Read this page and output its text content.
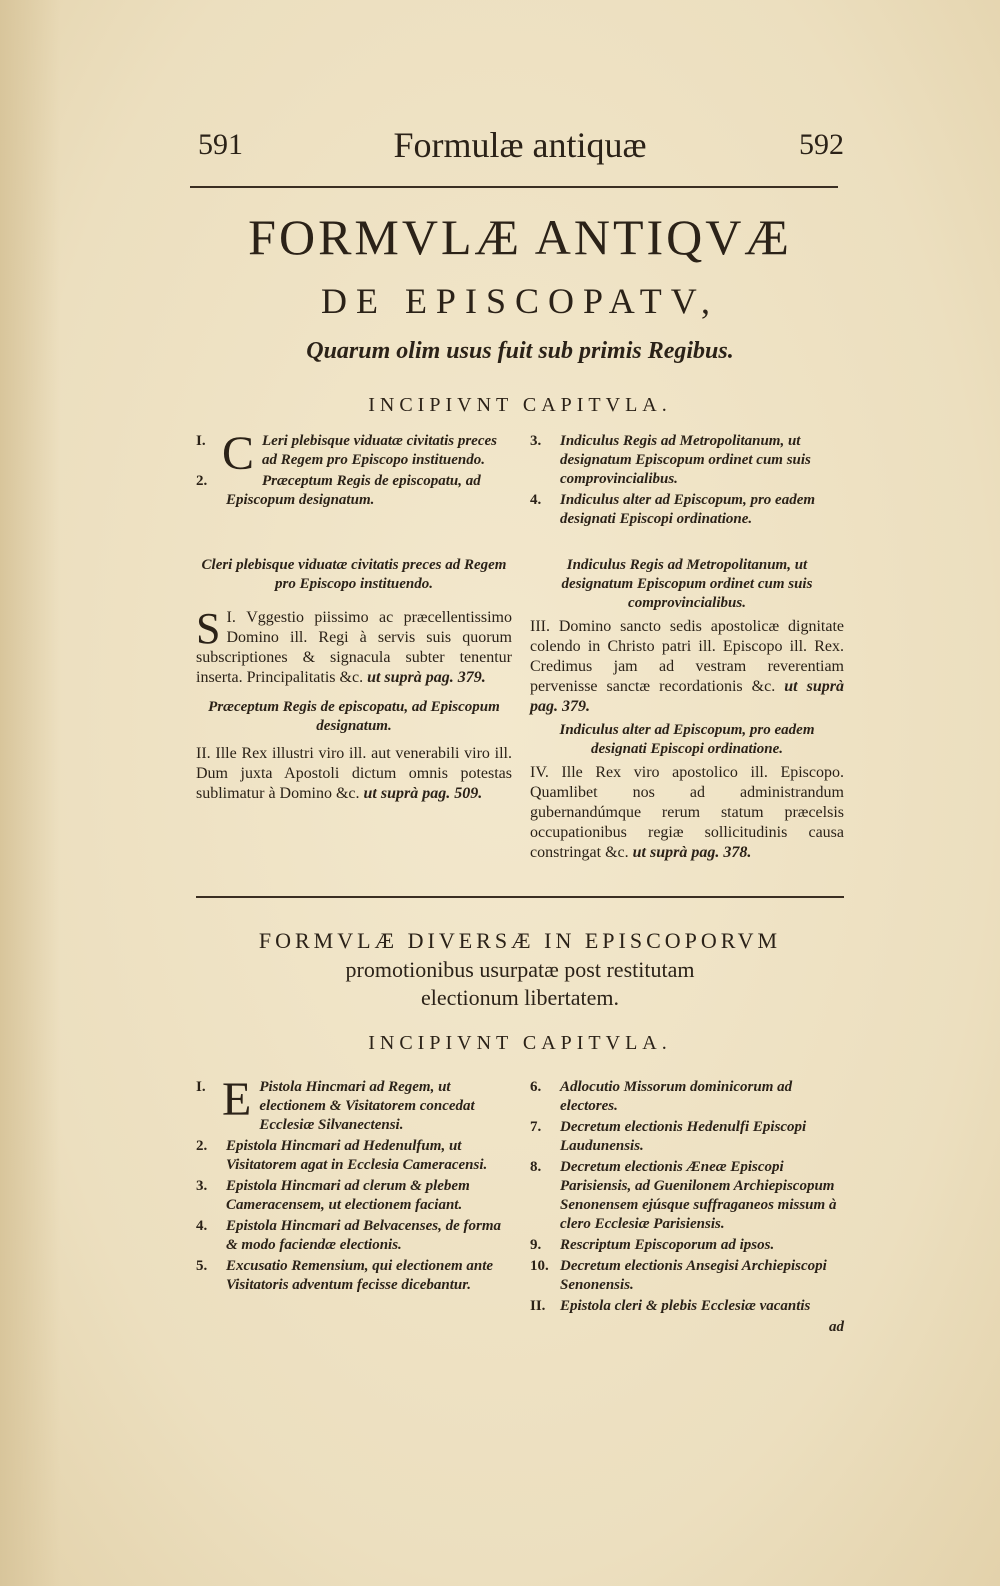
591	Formulæ antiquæ	592
FORMVLÆ ANTIQVÆ
DE EPISCOPATV,
Quarum olim usus fuit sub primis Regibus.
INCIPIVNT CAPITVLA.
I. C Leri plebisque viduatæ civitatis preces ad Regem pro Episcopo instituendo.
2.	Præceptum Regis de episcopatu, ad Episcopum designatum.
3. Indiculus Regis ad Metropolitanum, ut designatum Episcopum ordinet cum suis comprovincialibus.
4. Indiculus alter ad Episcopum, pro eadem designati Episcopi ordinatione.
Cleri plebisque viduatæ civitatis preces ad Regem pro Episcopo instituendo.
I.
S Vggestio piissimo ac præcellentissimo Domino ill. Regi à servis suis quorum subscriptiones & signacula subter tenentur inserta. Principalitatis &c. ut suprà pag. 379.
Præceptum Regis de episcopatu, ad Episcopum designatum.
II. Ille Rex illustri viro ill. aut venerabili viro ill. Dum juxta Apostoli dictum omnis potestas sublimatur à Domino &c. ut suprà pag. 509.
Indiculus Regis ad Metropolitanum, ut designatum Episcopum ordinet cum suis comprovincialibus.
III. Domino sancto sedis apostolicæ dignitate colendo in Christo patri ill. Episcopo ill. Rex. Credimus jam ad vestram reverentiam pervenisse sanctæ recordationis &c. ut suprà pag. 379.
Indiculus alter ad Episcopum, pro eadem designati Episcopi ordinatione.
IV. Ille Rex viro apostolico ill. Episcopo. Quamlibet nos ad administrandum gubernandúmque rerum statum præcelsis occupationibus regiæ sollicitudinis causa constringat &c. ut suprà pag. 378.
FORMVLÆ DIVERSÆ IN EPISCOPORVM
promotionibus usurpatæ post restitutam
electionum libertatem.
INCIPIVNT CAPITVLA.
I. E Pistola Hincmari ad Regem, ut electionem & Visitatorem concedat Ecclesiæ Silvanectensi.
2. Epistola Hincmari ad Hedenulfum, ut Visitatorem agat in Ecclesia Cameracensi.
3. Epistola Hincmari ad clerum & plebem Cameracensem, ut electionem faciant.
4. Epistola Hincmari ad Belvacenses, de forma & modo faciendæ electionis.
5. Excusatio Remensium, qui electionem ante Visitatoris adventum fecisse dicebantur.
6. Adlocutio Missorum dominicorum ad electores.
7. Decretum electionis Hedenulfi Episcopi Laudunensis.
8. Decretum electionis Æneæ Episcopi Parisiensis, ad Guenilonem Archiepiscopum Senonensem ejúsque suffraganeos missum à clero Ecclesiæ Parisiensis.
9. Rescriptum Episcoporum ad ipsos.
10. Decretum electionis Ansegisi Archiepiscopi Senonensis.
II. Epistola cleri & plebis Ecclesiæ vacantis
ad
